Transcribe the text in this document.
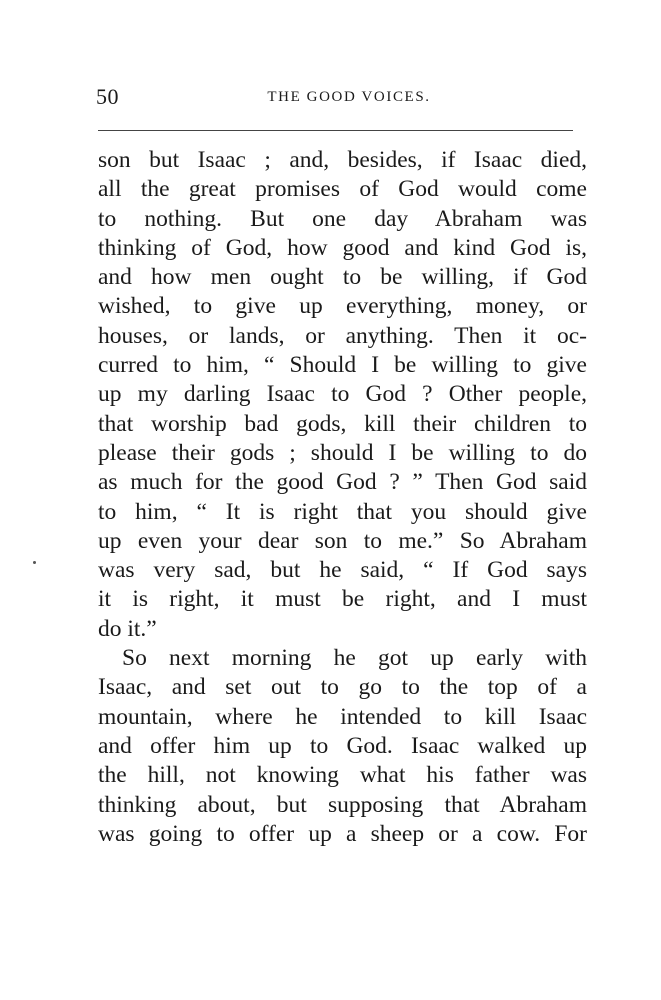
50	THE GOOD VOICES.
son but Isaac ; and, besides, if Isaac died,
all the great promises of God would come
to nothing. But one day Abraham was
thinking of God, how good and kind God is,
and how men ought to be willing, if God
wished, to give up everything, money, or
houses, or lands, or anything. Then it oc-
curred to him, “ Should I be willing to give
up my darling Isaac to God ? Other people,
that worship bad gods, kill their children to
please their gods ; should I be willing to do
as much for the good God ? ” Then God said
to him, “ It is right that you should give
up even your dear son to me.” So Abraham
was very sad, but he said, “ If God says
it is right, it must be right, and I must
do it.”
So next morning he got up early with
Isaac, and set out to go to the top of a
mountain, where he intended to kill Isaac
and offer him up to God. Isaac walked up
the hill, not knowing what his father was
thinking about, but supposing that Abraham
was going to offer up a sheep or a cow. For
